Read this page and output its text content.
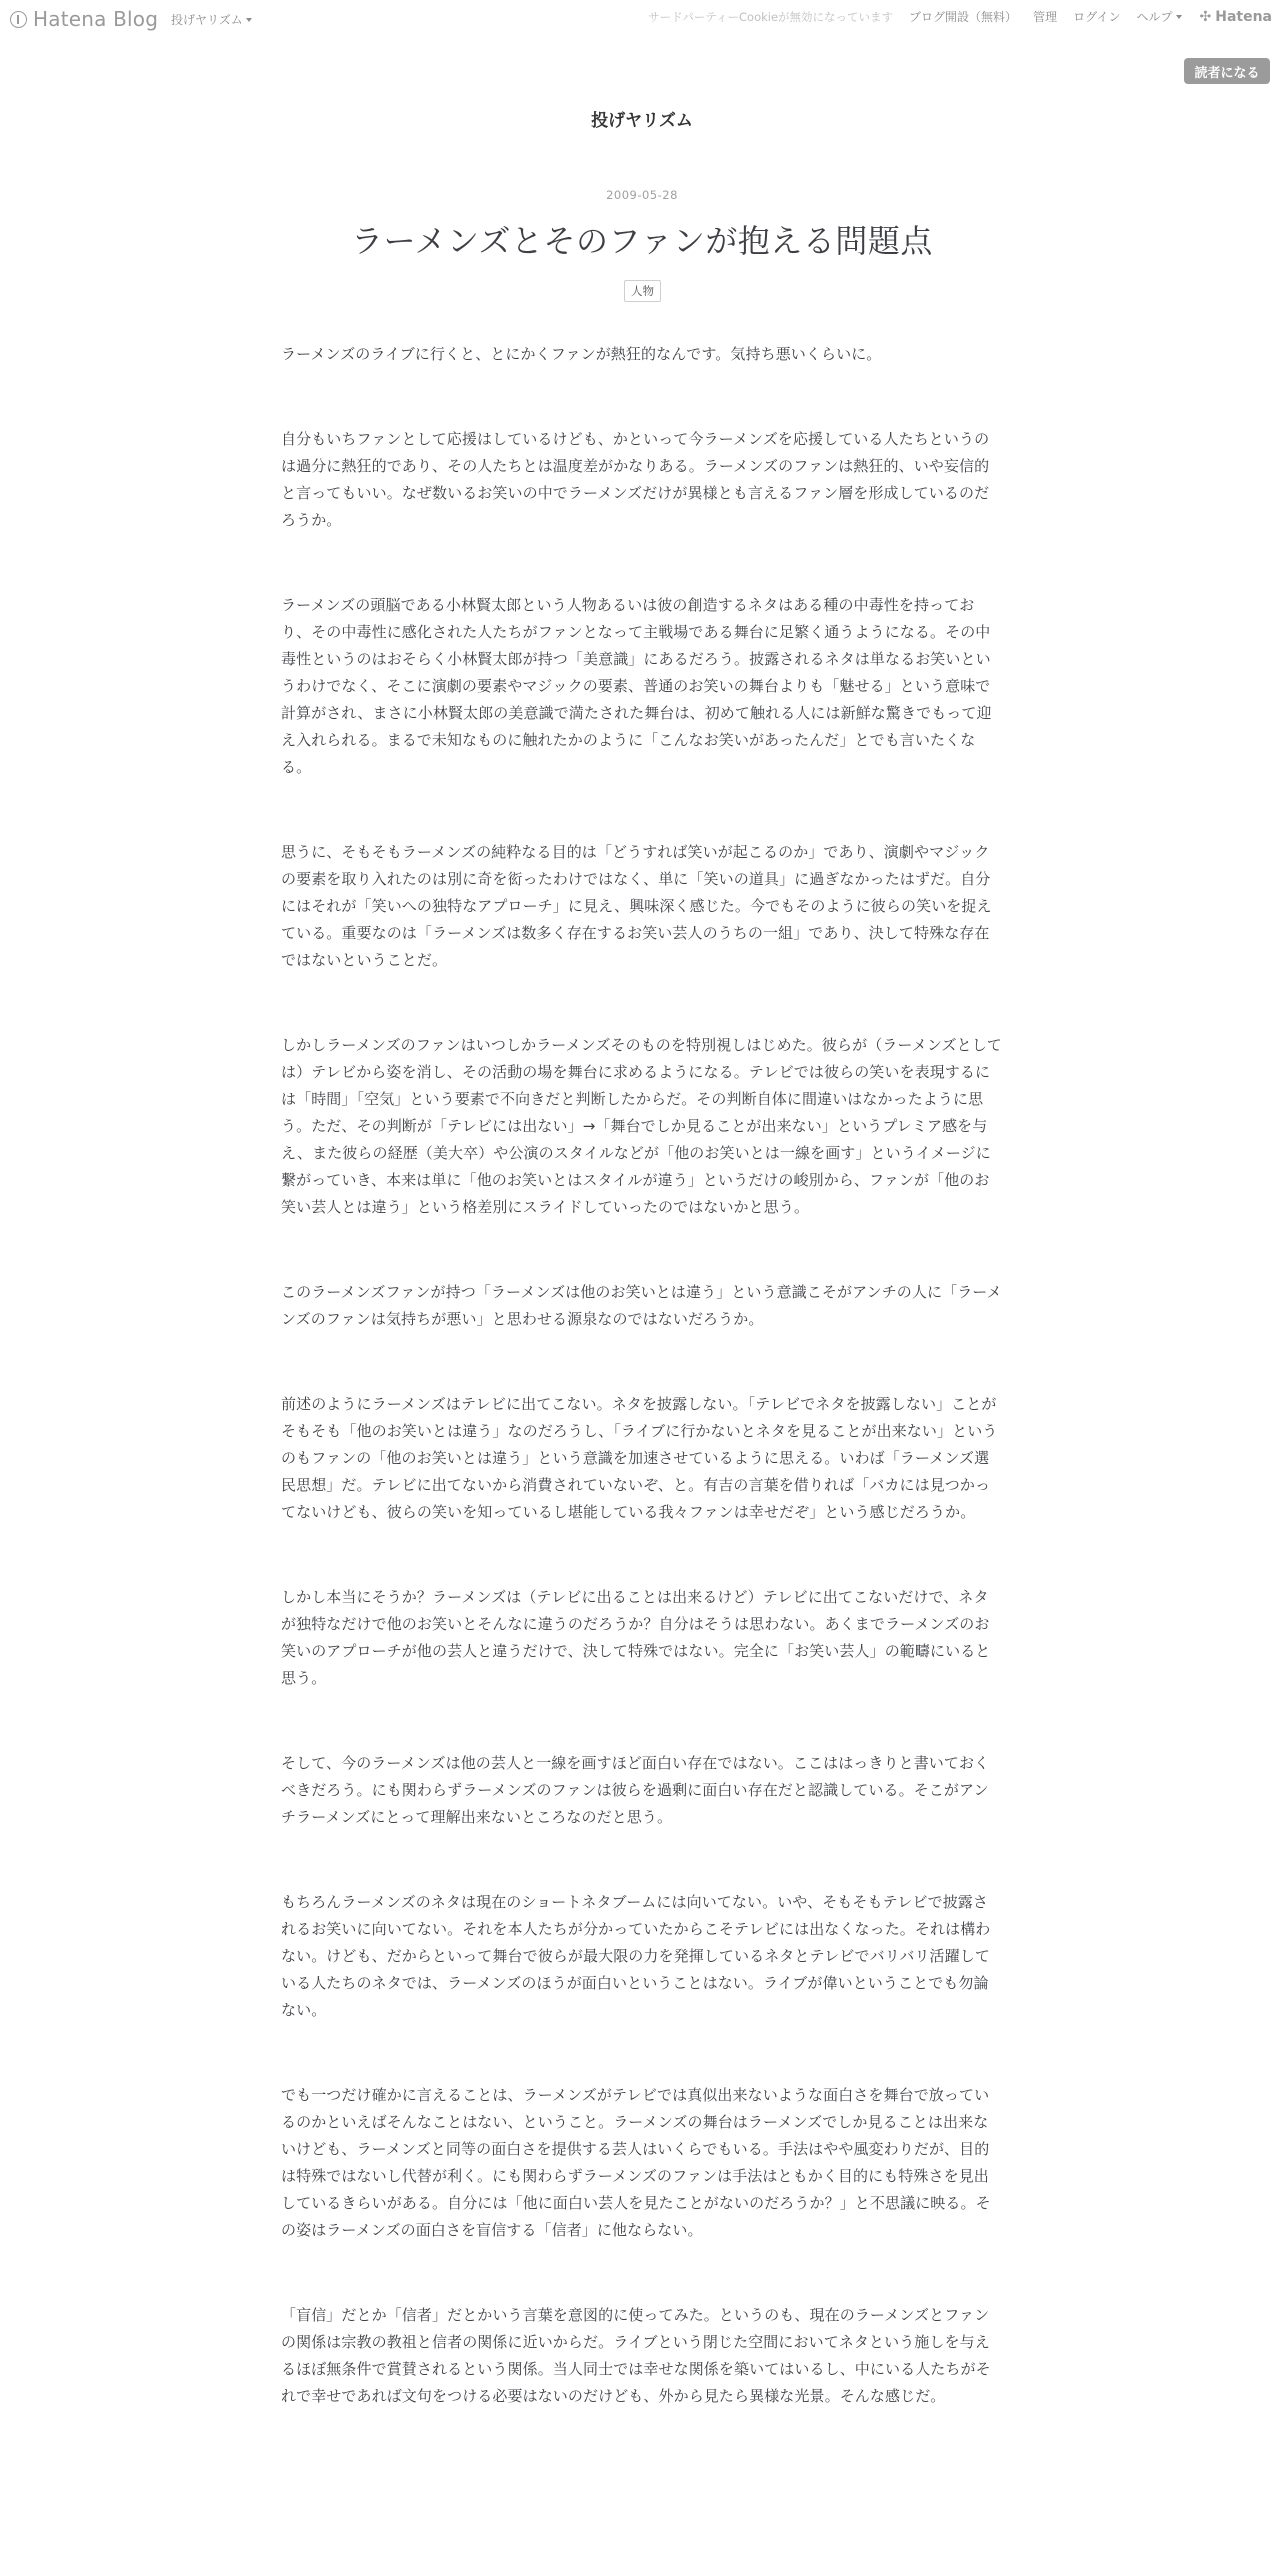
Hatena Blog 投げヤリズム	サードパーティーCookieが無効になっています ブログ開設（無料） 管理 ログイン ヘルプ ✣ Hatena
読者になる
投げヤリズム
2009-05-28
ラーメンズとそのファンが抱える問題点
人物

ラーメンズのライブに行くと、とにかくファンが熱狂的なんです。気持ち悪いくらいに。

自分もいちファンとして応援はしているけども、かといって今ラーメンズを応援している人たちというのは過分に熱狂的であり、その人たちとは温度差がかなりある。ラーメンズのファンは熱狂的、いや妄信的と言ってもいい。なぜ数いるお笑いの中でラーメンズだけが異様とも言えるファン層を形成しているのだろうか。

ラーメンズの頭脳である小林賢太郎という人物あるいは彼の創造するネタはある種の中毒性を持っており、その中毒性に感化された人たちがファンとなって主戦場である舞台に足繁く通うようになる。その中毒性というのはおそらく小林賢太郎が持つ「美意識」にあるだろう。披露されるネタは単なるお笑いというわけでなく、そこに演劇の要素やマジックの要素、普通のお笑いの舞台よりも「魅せる」という意味で計算がされ、まさに小林賢太郎の美意識で満たされた舞台は、初めて触れる人には新鮮な驚きでもって迎え入れられる。まるで未知なものに触れたかのように「こんなお笑いがあったんだ」とでも言いたくなる。

思うに、そもそもラーメンズの純粋なる目的は「どうすれば笑いが起こるのか」であり、演劇やマジックの要素を取り入れたのは別に奇を衒ったわけではなく、単に「笑いの道具」に過ぎなかったはずだ。自分にはそれが「笑いへの独特なアプローチ」に見え、興味深く感じた。今でもそのように彼らの笑いを捉えている。重要なのは「ラーメンズは数多く存在するお笑い芸人のうちの一組」であり、決して特殊な存在ではないということだ。

しかしラーメンズのファンはいつしかラーメンズそのものを特別視しはじめた。彼らが（ラーメンズとしては）テレビから姿を消し、その活動の場を舞台に求めるようになる。テレビでは彼らの笑いを表現するには「時間」「空気」という要素で不向きだと判断したからだ。その判断自体に間違いはなかったように思う。ただ、その判断が「テレビには出ない」→「舞台でしか見ることが出来ない」というプレミア感を与え、また彼らの経歴（美大卒）や公演のスタイルなどが「他のお笑いとは一線を画す」というイメージに繋がっていき、本来は単に「他のお笑いとはスタイルが違う」というだけの峻別から、ファンが「他のお笑い芸人とは違う」という格差別にスライドしていったのではないかと思う。

このラーメンズファンが持つ「ラーメンズは他のお笑いとは違う」という意識こそがアンチの人に「ラーメンズのファンは気持ちが悪い」と思わせる源泉なのではないだろうか。

前述のようにラーメンズはテレビに出てこない。ネタを披露しない。「テレビでネタを披露しない」ことがそもそも「他のお笑いとは違う」なのだろうし、「ライブに行かないとネタを見ることが出来ない」というのもファンの「他のお笑いとは違う」という意識を加速させているように思える。いわば「ラーメンズ選民思想」だ。テレビに出てないから消費されていないぞ、と。有吉の言葉を借りれば「バカには見つかってないけども、彼らの笑いを知っているし堪能している我々ファンは幸せだぞ」という感じだろうか。

しかし本当にそうか？ラーメンズは（テレビに出ることは出来るけど）テレビに出てこないだけで、ネタが独特なだけで他のお笑いとそんなに違うのだろうか？自分はそうは思わない。あくまでラーメンズのお笑いのアプローチが他の芸人と違うだけで、決して特殊ではない。完全に「お笑い芸人」の範疇にいると思う。

そして、今のラーメンズは他の芸人と一線を画すほど面白い存在ではない。ここははっきりと書いておくべきだろう。にも関わらずラーメンズのファンは彼らを過剰に面白い存在だと認識している。そこがアンチラーメンズにとって理解出来ないところなのだと思う。

もちろんラーメンズのネタは現在のショートネタブームには向いてない。いや、そもそもテレビで披露されるお笑いに向いてない。それを本人たちが分かっていたからこそテレビには出なくなった。それは構わない。けども、だからといって舞台で彼らが最大限の力を発揮しているネタとテレビでバリバリ活躍している人たちのネタでは、ラーメンズのほうが面白いということはない。ライブが偉いということでも勿論ない。

でも一つだけ確かに言えることは、ラーメンズがテレビでは真似出来ないような面白さを舞台で放っているのかといえばそんなことはない、ということ。ラーメンズの舞台はラーメンズでしか見ることは出来ないけども、ラーメンズと同等の面白さを提供する芸人はいくらでもいる。手法はやや風変わりだが、目的は特殊ではないし代替が利く。にも関わらずラーメンズのファンは手法はともかく目的にも特殊さを見出しているきらいがある。自分には「他に面白い芸人を見たことがないのだろうか？」と不思議に映る。その姿はラーメンズの面白さを盲信する「信者」に他ならない。

「盲信」だとか「信者」だとかいう言葉を意図的に使ってみた。というのも、現在のラーメンズとファンの関係は宗教の教祖と信者の関係に近いからだ。ライブという閉じた空間においてネタという施しを与えるほぼ無条件で賞賛されるという関係。当人同士では幸せな関係を築いてはいるし、中にいる人たちがそれで幸せであれば文句をつける必要はないのだけども、外から見たら異様な光景。そんな感じだ。
